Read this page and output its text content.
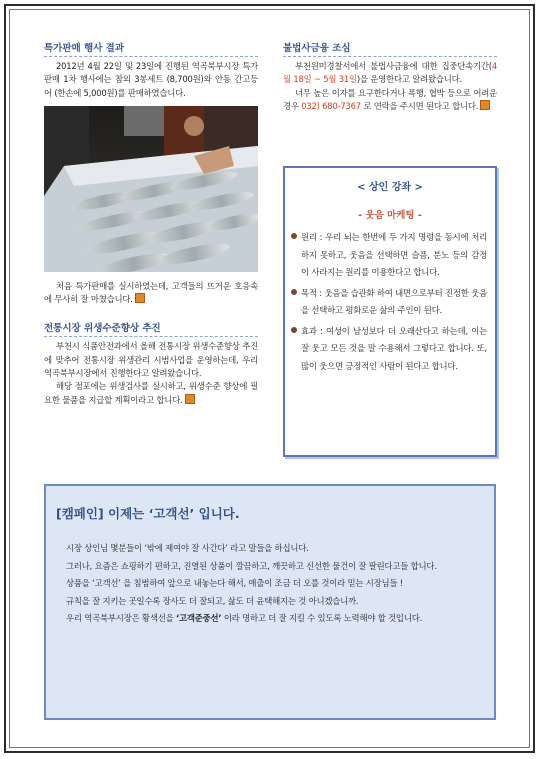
특가판매 행사 결과

2012년 4월 22일 및 23일에 진행된 역곡북부시장 특가판매 1차 행사에는 참외 3봉세트 (8,700원)와 안동 간고등어 (한손에 5,000원)를 판매하였습니다.

처음 특가판매를 실시하였는데, 고객들의 뜨거운 호응속에 무사히 잘 마쳤습니다.

전통시장 위생수준향상 추진

부천시 식품안전과에서 올해 전통시장 위생수준향상 추진에 맞추어 전통시장 위생관리 시범사업을 운영하는데, 우리 역곡북부시장에서 진행한다고 알려왔습니다.

해당 점포에는 위생검사를 실시하고, 위생수준 향상에 필요한 물품을 지급할 계획이라고 합니다.

불법사금융 조심

부천원미경찰서에서 불법사금융에 대한 집중단속기간(4월 18일 ~ 5월 31일)을 운영한다고 알려왔습니다.

너무 높은 이자를 요구한다거나 폭행, 협박 등으로 어려운 경우 032) 680-7367 로 연락을 주시면 된다고 합니다.

< 상인 강좌 >
- 웃음 마케팅 -
원리 : 우리 뇌는 한번에 두 가지 명령을 동시에 처리하지 못하고, 웃음을 선택하면 슬픔, 분노 등의 감정이 사라지는 원리를 이용한다고 합니다.
목적 : 웃음을 습관화 하여 내면으로부터 진정한 웃음을 선택하고 평화로운 삶의 주인이 된다.
효과 : 여성이 남성보다 더 오래산다고 하는데, 이는 잘 웃고 모든 것을 말 수용해서 그렇다고 합니다. 또, 많이 웃으면 긍정적인 사람이 된다고 합니다.
[캠페인] 이제는 ‘고객선’ 입니다.

시장 상인님 몇분들이 ‘밖에 제여야 잘 사간다’ 라고 말들을 하십니다.

그러나, 요즘은 쇼핑하기 편하고, 진열된 상품이 깔끔하고, 깨끗하고 신선한 물건이 잘 팔린다고들 합니다.

상품을 ‘고객선’ 을 침범하여 앞으로 내놓는다 해서, 매출이 조금 더 오를 것이라 믿는 시장님들 !

규칙을 잘 지키는 곳일수록 장사도 더 잘되고, 삶도 더 윤택해지는 것 아니겠습니까.

우리 역곡북부시장은 황색선을 ‘고객준중선’ 이라 명하고 더 잘 지킬 수 있도록 노력해야 할 것입니다.
